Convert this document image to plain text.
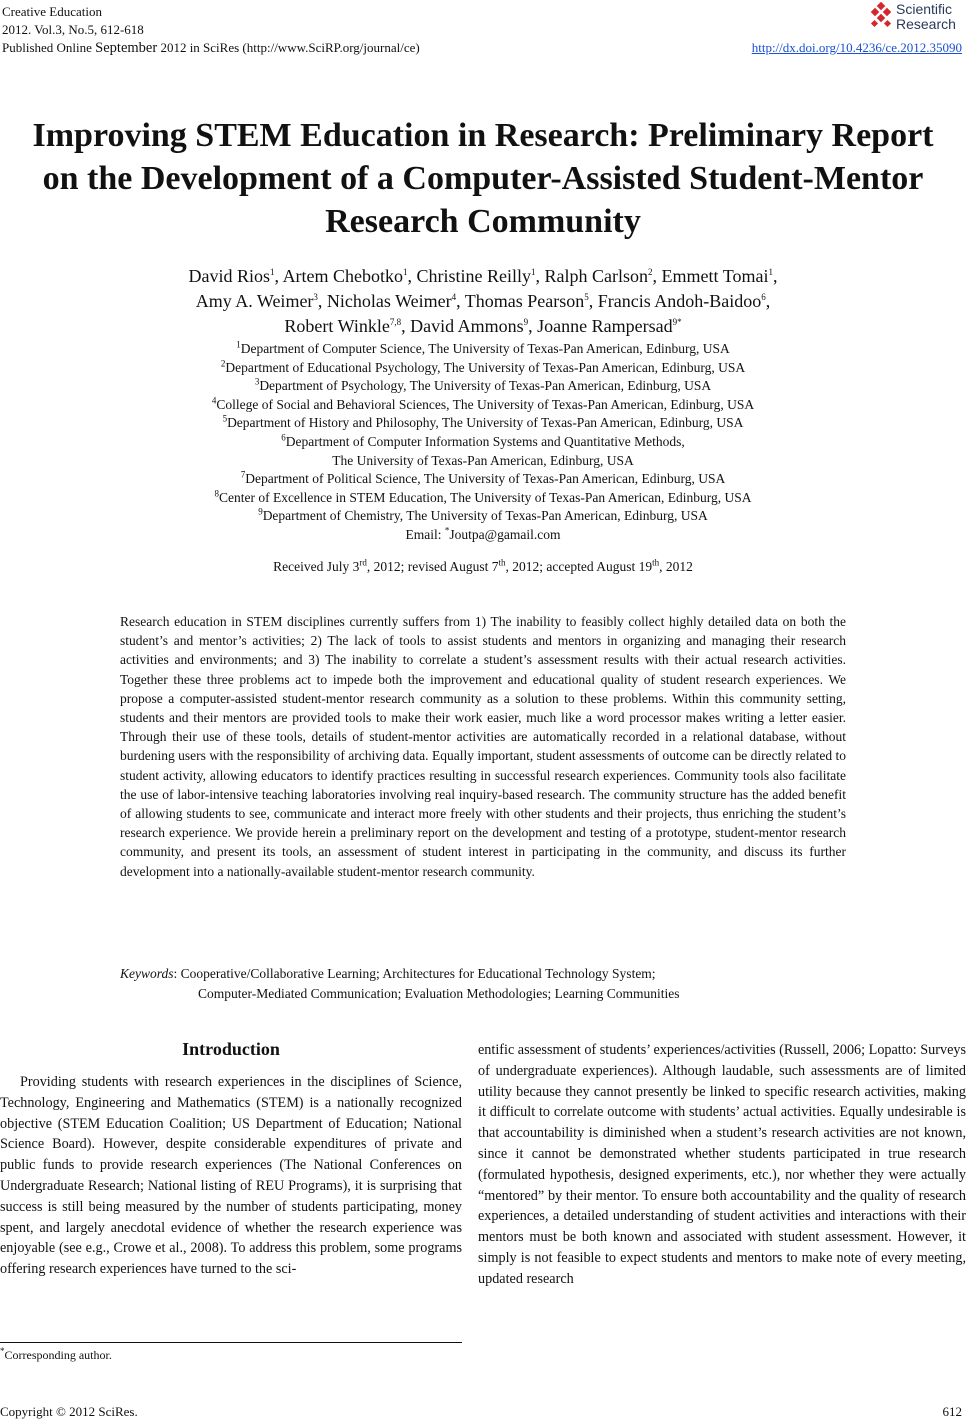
Creative Education
2012. Vol.3, No.5, 612-618
Published Online September 2012 in SciRes (http://www.SciRP.org/journal/ce)	http://dx.doi.org/10.4236/ce.2012.35090
Scientific
Research
Improving STEM Education in Research: Preliminary Report
on the Development of a Computer-Assisted Student-Mentor
Research Community
David Rios$^1$, Artem Chebotko$^1$, Christine Reilly$^1$, Ralph Carlson$^2$, Emmett Tomai$^1$,
Amy A. Weimer$^3$, Nicholas Weimer$^4$, Thomas Pearson$^5$, Francis Andoh-Baidoo$^6$,
Robert Winkle$^{7,8}$, David Ammons$^9$, Joanne Rampersad$^{9*}$
$^1$Department of Computer Science, The University of Texas-Pan American, Edinburg, USA
$^2$Department of Educational Psychology, The University of Texas-Pan American, Edinburg, USA
$^3$Department of Psychology, The University of Texas-Pan American, Edinburg, USA
$^4$College of Social and Behavioral Sciences, The University of Texas-Pan American, Edinburg, USA
$^5$Department of History and Philosophy, The University of Texas-Pan American, Edinburg, USA
$^6$Department of Computer Information Systems and Quantitative Methods,
The University of Texas-Pan American, Edinburg, USA
$^7$Department of Political Science, The University of Texas-Pan American, Edinburg, USA
$^8$Center of Excellence in STEM Education, The University of Texas-Pan American, Edinburg, USA
$^9$Department of Chemistry, The University of Texas-Pan American, Edinburg, USA
Email: *Joutpa@gamail.com
Received July 3rd, 2012; revised August 7th, 2012; accepted August 19th, 2012
Research education in STEM disciplines currently suffers from 1) The inability to feasibly collect highly detailed data on both the student’s and mentor’s activities; 2) The lack of tools to assist students and mentors in organizing and managing their research activities and environments; and 3) The inability to correlate a student’s assessment results with their actual research activities. Together these three problems act to impede both the improvement and educational quality of student research experiences. We propose a computer-assisted student-mentor research community as a solution to these problems. Within this community setting, students and their mentors are provided tools to make their work easier, much like a word processor makes writing a letter easier. Through their use of these tools, details of student-mentor activities are automatically recorded in a relational database, without burdening users with the responsibility of archiving data. Equally important, student assessments of outcome can be directly related to student activity, allowing educators to identify practices resulting in successful research experiences. Community tools also facilitate the use of labor-intensive teaching laboratories involving real inquiry-based research. The community structure has the added benefit of allowing students to see, communicate and interact more freely with other students and their projects, thus enriching the student’s research experience. We provide herein a preliminary report on the development and testing of a prototype, student-mentor research community, and present its tools, an assessment of student interest in participating in the community, and discuss its further development into a nationally-available student-mentor research community.
Keywords: Cooperative/Collaborative Learning; Architectures for Educational Technology System;
Computer-Mediated Communication; Evaluation Methodologies; Learning Communities
Introduction
Providing students with research experiences in the disciplines of Science, Technology, Engineering and Mathematics (STEM) is a nationally recognized objective (STEM Education Coalition; US Department of Education; National Science Board). However, despite considerable expenditures of private and public funds to provide research experiences (The National Conferences on Undergraduate Research; National listing of REU Programs), it is surprising that success is still being measured by the number of students participating, money spent, and largely anecdotal evidence of whether the research experience was enjoyable (see e.g., Crowe et al., 2008). To address this problem, some programs offering research experiences have turned to the sci-
entific assessment of students’ experiences/activities (Russell, 2006; Lopatto: Surveys of undergraduate experiences). Although laudable, such assessments are of limited utility because they cannot presently be linked to specific research activities, making it difficult to correlate outcome with students’ actual activities. Equally undesirable is that accountability is diminished when a student’s research activities are not known, since it cannot be demonstrated whether students participated in true research (formulated hypothesis, designed experiments, etc.), nor whether they were actually “mentored” by their mentor. To ensure both accountability and the quality of research experiences, a detailed understanding of student activities and interactions with their mentors must be both known and associated with student assessment. However, it simply is not feasible to expect students and mentors to make note of every meeting, updated research
*Corresponding author.
Copyright © 2012 SciRes.	612
